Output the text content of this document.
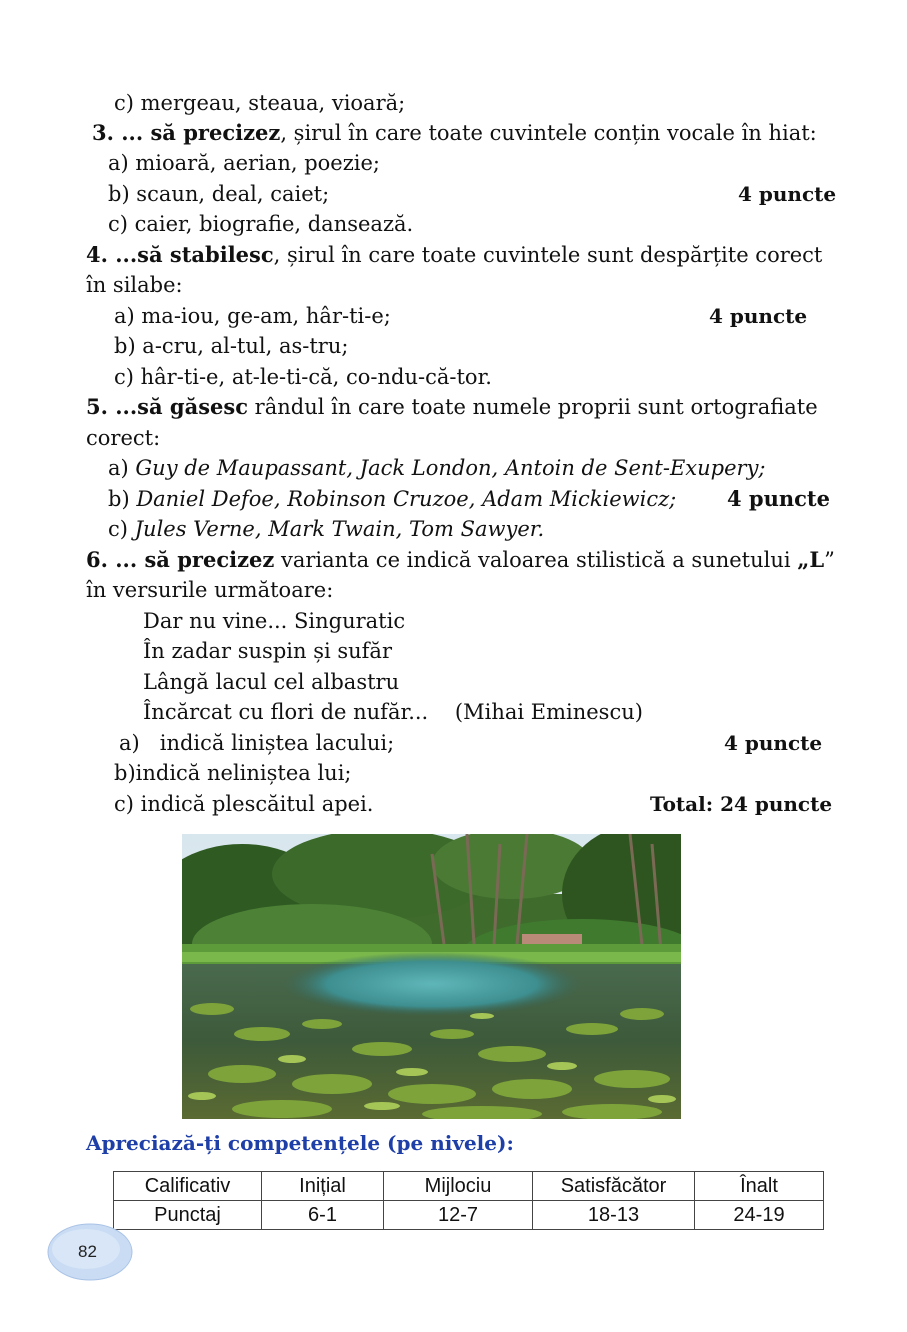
c) mergeau, steaua, vioară;
3. ... să precizez, șirul în care toate cuvintele conțin vocale în hiat:
a) mioară, aerian, poezie;
b) scaun, deal, caiet;	4 puncte
c) caier, biografie, dansează.
4. ...să stabilesc, șirul în care toate cuvintele sunt despărțite corect
în silabe:
a) ma-iou, ge-am, hâr-ti-e;	4 puncte
b) a-cru, al-tul, as-tru;
c) hâr-ti-e, at-le-ti-că, co-ndu-că-tor.
5. ...să găsesc rândul în care toate numele proprii sunt ortografiate
corect:
a) Guy de Maupassant, Jack London, Antoin de Sent-Exupery;
b) Daniel Defoe, Robinson Cruzoe, Adam Mickiewicz; 4 puncte
c) Jules Verne, Mark Twain, Tom Sawyer.
6. ... să precizez varianta ce indică valoarea stilistică a sunetului „L”
în versurile următoare:
Dar nu vine... Singuratic
În zadar suspin și sufăr
Lângă lacul cel albastru
Încărcat cu flori de nufăr...    (Mihai Eminescu)
a)   indică liniștea lacului;	4 puncte
b)indică neliniștea lui;
c) indică plescăitul apei.	Total: 24 puncte
Apreciază-ți competențele (pe nivele):
Calificativ	Inițial	Mijlociu	Satisfăcător	Înalt
Punctaj	6-1	12-7	18-13	24-19
82
